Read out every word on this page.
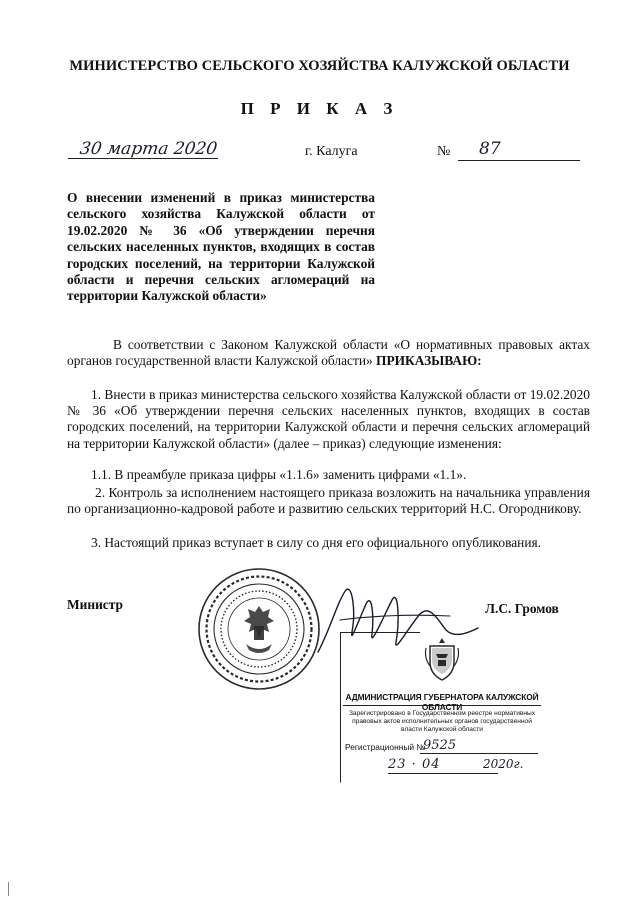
МИНИСТЕРСТВО СЕЛЬСКОГО ХОЗЯЙСТВА КАЛУЖСКОЙ ОБЛАСТИ
П Р И К А З
30 марта 2020	г. Калуга	№ 87
О внесении изменений в приказ министерства сельского хозяйства Калужской области от 19.02.2020 № 36 «Об утверждении перечня сельских населенных пунктов, входящих в состав городских поселений, на территории Калужской области и перечня сельских агломераций на территории Калужской области»
В соответствии с Законом Калужской области «О нормативных правовых актах органов государственной власти Калужской области» ПРИКАЗЫВАЮ:
1. Внести в приказ министерства сельского хозяйства Калужской области от 19.02.2020 № 36 «Об утверждении перечня сельских населенных пунктов, входящих в состав городских поселений, на территории Калужской области и перечня сельских агломераций на территории Калужской области» (далее – приказ) следующие изменения:
1.1. В преамбуле приказа цифры «1.1.6» заменить цифрами «1.1».
2. Контроль за исполнением настоящего приказа возложить на начальника управления по организационно-кадровой работе и развитию сельских территорий Н.С. Огородникову.
3. Настоящий приказ вступает в силу со дня его официального опубликования.
Министр	Л.С. Громов
АДМИНИСТРАЦИЯ ГУБЕРНАТОРА КАЛУЖСКОЙ ОБЛАСТИ
Зарегистрировано в Государственном реестре нормативных правовых актов исполнительных органов государственной власти Калужской области
Регистрационный №
9525
23 · 04	2020г.
